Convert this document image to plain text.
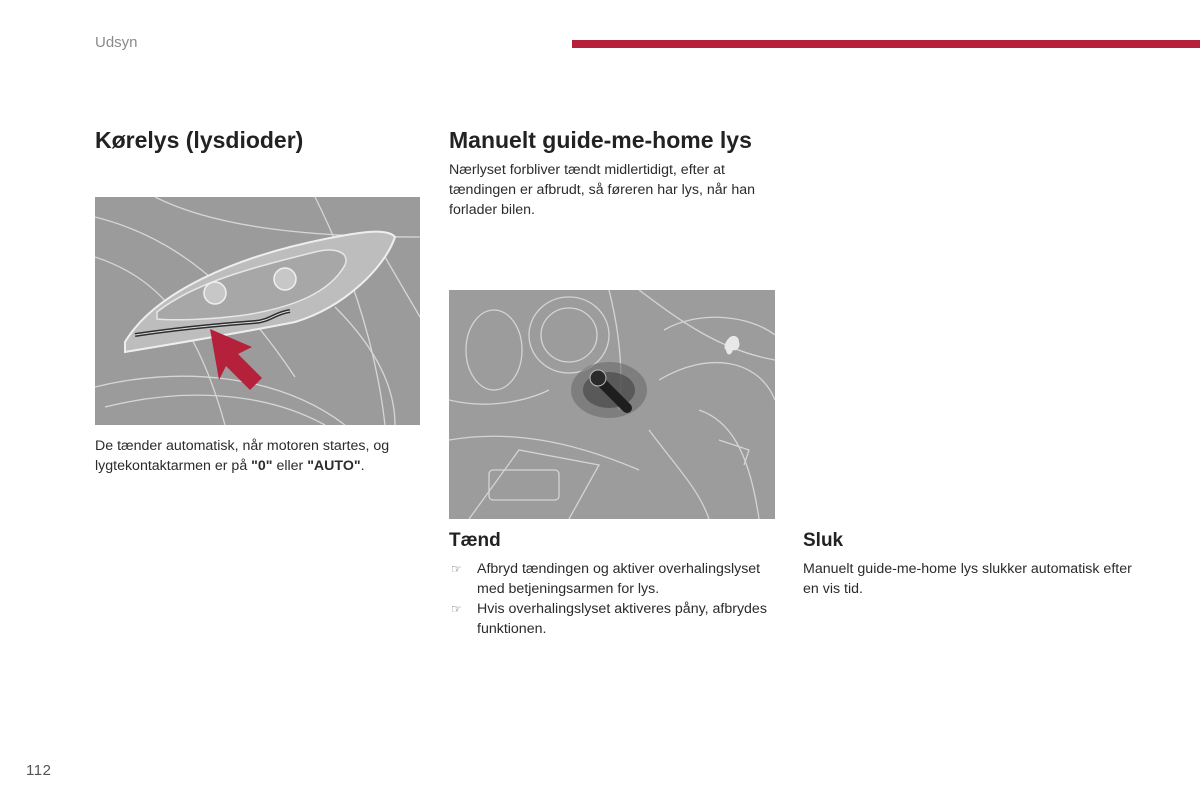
Udsyn
Kørelys (lysdioder)

De tænder automatisk, når motoren startes, og lygtekontaktarmen er på "0" eller "AUTO".

Manuelt guide-me-home lys

Nærlyset forbliver tændt midlertidigt, efter at tændingen er afbrudt, så føreren har lys, når han forlader bilen.

Tænd
☞ Afbryd tændingen og aktiver overhalingslyset med betjeningsarmen for lys.
☞ Hvis overhalingslyset aktiveres påny, afbrydes funktionen.
Sluk

Manuelt guide-me-home lys slukker automatisk efter en vis tid.

112
